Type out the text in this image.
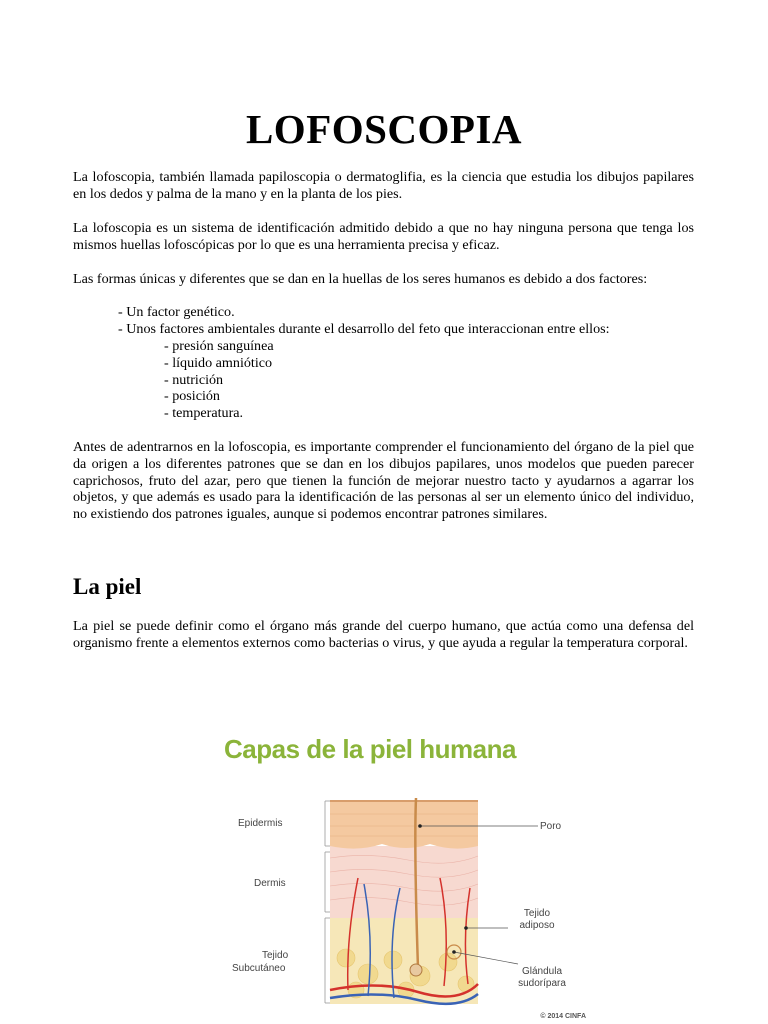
LOFOSCOPIA

La lofoscopia, también llamada papiloscopia o dermatoglifia, es la ciencia que estudia los dibujos papilares en los dedos y palma de la mano y en la planta de los pies.

La lofoscopia es un sistema de identificación admitido debido a que no hay ninguna persona que tenga los mismos huellas lofoscópicas por lo que es una herramienta precisa y eficaz.

Las formas únicas y diferentes que se dan en la huellas de los seres humanos es debido a dos factores:

- Un factor genético.
- Unos factores ambientales durante el desarrollo del feto que interaccionan entre ellos:
- presión sanguínea
- líquido amniótico
- nutrición
- posición
- temperatura.

Antes de adentrarnos en la lofoscopia, es importante comprender el funcionamiento del órgano de la piel que da origen a los diferentes patrones que se dan en los dibujos papilares, unos modelos que pueden parecer caprichosos, fruto del azar, pero que tienen la función de mejorar nuestro tacto y ayudarnos a agarrar los objetos, y que además es usado para la identificación de las personas al ser un elemento único del individuo, no existiendo dos patrones iguales, aunque si podemos encontrar patrones similares.

La piel

La piel se puede definir como el órgano más grande del cuerpo humano, que actúa como una defensa del organismo frente a elementos externos como bacterias o virus, y que ayuda a regular la temperatura corporal.

Capas de la piel humana
Epidermis
Dermis
Tejido
Subcutáneo
Poro
Tejido
adiposo
Glándula
sudorípara
© 2014 CINFA
